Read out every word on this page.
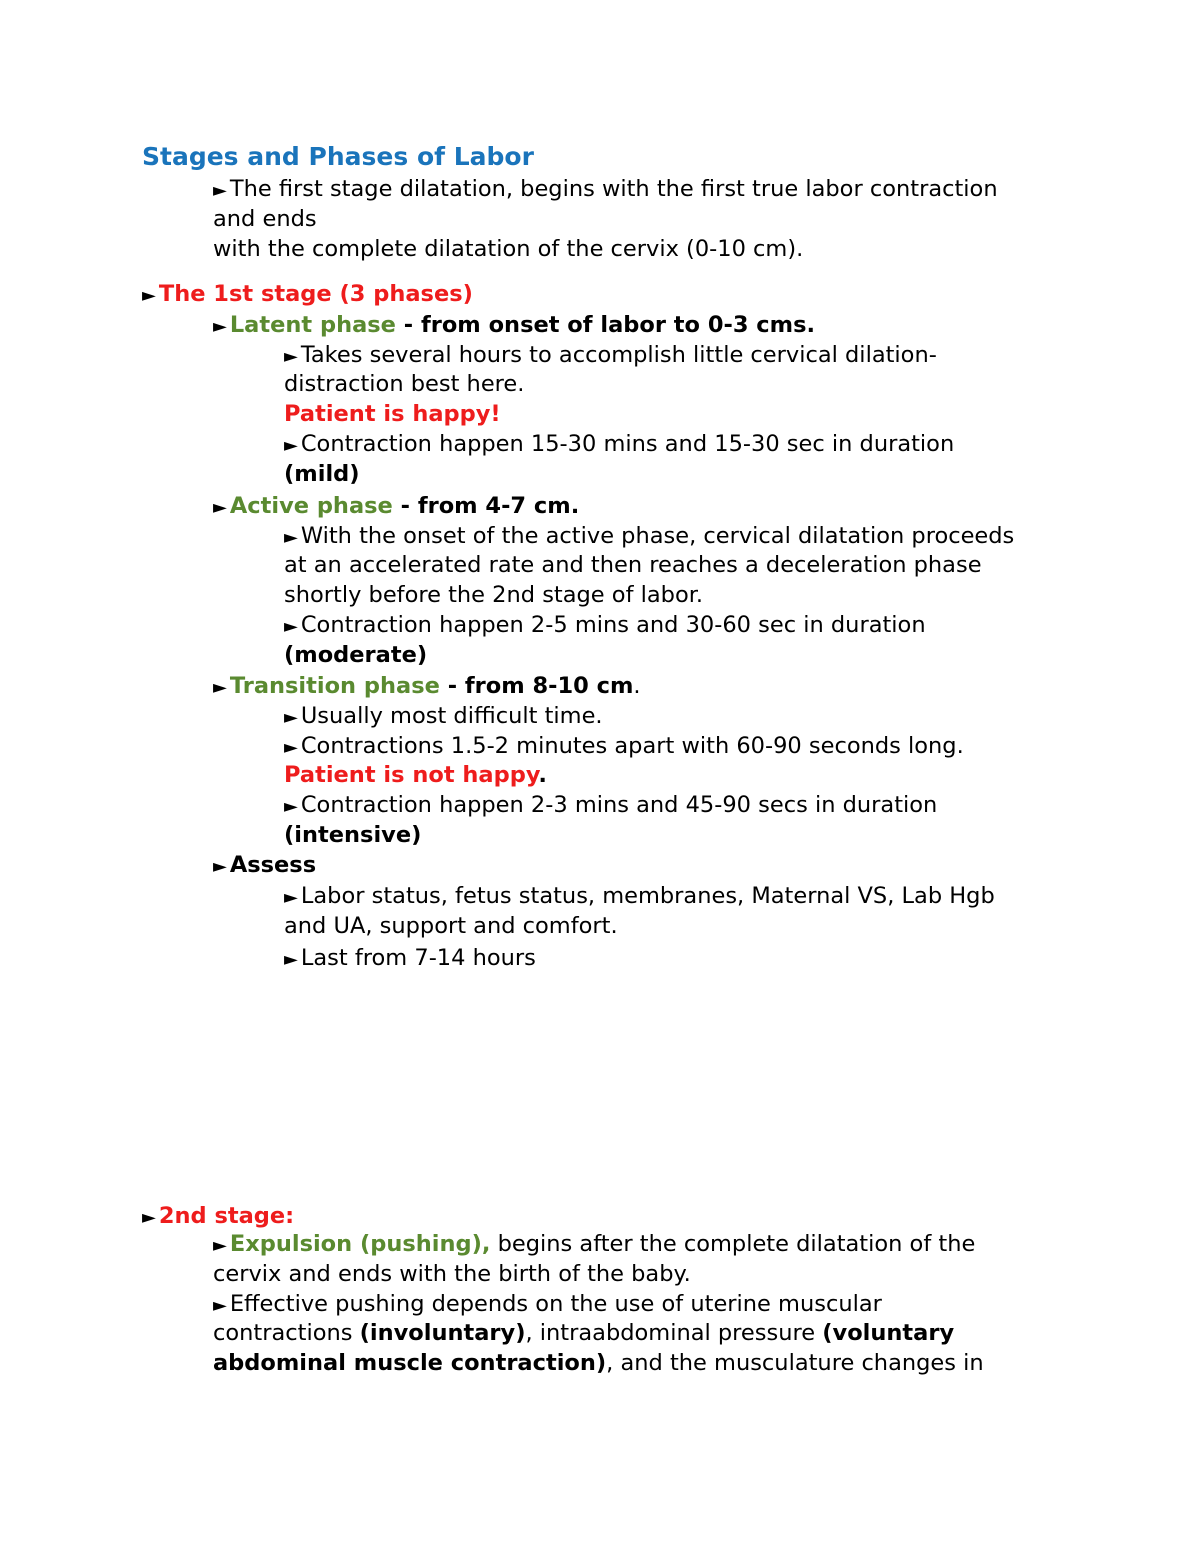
Stages and Phases of Labor
► The first stage dilatation, begins with the first true labor contraction
and ends
with the complete dilatation of the cervix (0-10 cm).
► The 1st stage (3 phases)
► Latent phase - from onset of labor to 0-3 cms.
► Takes several hours to accomplish little cervical dilation-
distraction best here.
Patient is happy!
► Contraction happen 15-30 mins and 15-30 sec in duration
(mild)
► Active phase - from 4-7 cm.
► With the onset of the active phase, cervical dilatation proceeds
at an accelerated rate and then reaches a deceleration phase
shortly before the 2nd stage of labor.
► Contraction happen 2-5 mins and 30-60 sec in duration
(moderate)
► Transition phase - from 8-10 cm.
► Usually most difficult time.
► Contractions 1.5-2 minutes apart with 60-90 seconds long.
Patient is not happy.
► Contraction happen 2-3 mins and 45-90 secs in duration
(intensive)
► Assess
► Labor status, fetus status, membranes, Maternal VS, Lab Hgb
and UA, support and comfort.
► Last from 7-14 hours
► 2nd stage:
► Expulsion (pushing), begins after the complete dilatation of the
cervix and ends with the birth of the baby.
► Effective pushing depends on the use of uterine muscular
contractions (involuntary), intraabdominal pressure (voluntary
abdominal muscle contraction), and the musculature changes in
